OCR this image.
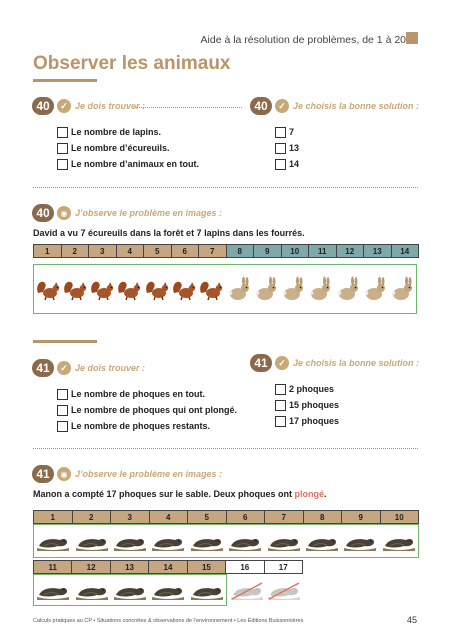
Aide à la résolution de problèmes, de 1 à 20
Observer les animaux
40	✓ Je dois trouver :	40	✓ Je choisis la bonne solution :
Le nombre de lapins.
Le nombre d’écureuils.
Le nombre d’animaux en tout.
7
13
14
40	◉ J’observe le problème en images :
David a vu 7 écureuils dans la forêt et 7 lapins dans les fourrés.
1	2	3	4	5	6	7	8	9	10	11	12	13	14
41	✓ Je dois trouver :	41	✓ Je choisis la bonne solution :
Le nombre de phoques en tout.
Le nombre de phoques qui ont plongé.
Le nombre de phoques restants.
2 phoques
15 phoques
17 phoques
41	◉ J’observe le problème en images :
Manon a compté 17 phoques sur le sable. Deux phoques ont plongé.
1	2	3	4	5	6	7	8	9	10
11	12	13	14	15	16	17
Calculs pratiques au CP • Situations concrètes & observations de l’environnement • Les Éditions Buissonnières	45
